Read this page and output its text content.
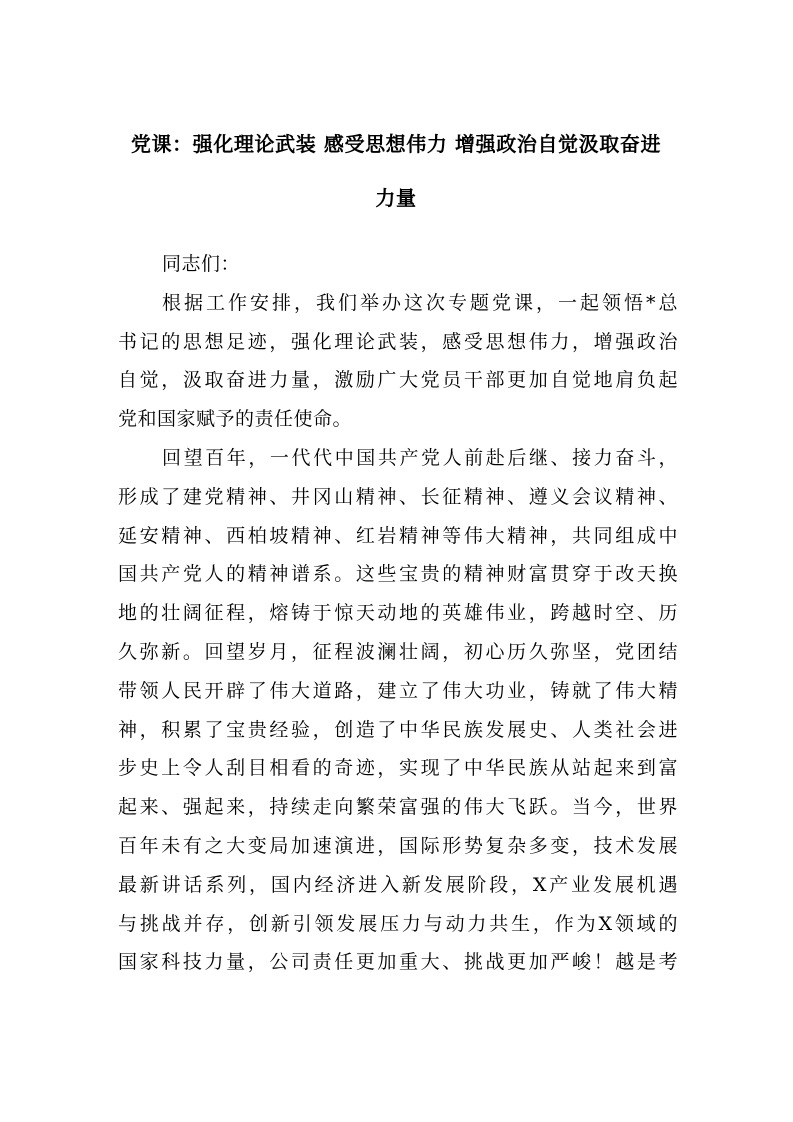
党课：强化理论武装 感受思想伟力 增强政治自觉汲取奋进
力量
同志们：
根据工作安排，我们举办这次专题党课，一起领悟*总
书记的思想足迹，强化理论武装，感受思想伟力，增强政治
自觉，汲取奋进力量，激励广大党员干部更加自觉地肩负起
党和国家赋予的责任使命。
回望百年，一代代中国共产党人前赴后继、接力奋斗，
形成了建党精神、井冈山精神、长征精神、遵义会议精神、
延安精神、西柏坡精神、红岩精神等伟大精神，共同组成中
国共产党人的精神谱系。这些宝贵的精神财富贯穿于改天换
地的壮阔征程，熔铸于惊天动地的英雄伟业，跨越时空、历
久弥新。回望岁月，征程波澜壮阔，初心历久弥坚，党团结
带领人民开辟了伟大道路，建立了伟大功业，铸就了伟大精
神，积累了宝贵经验，创造了中华民族发展史、人类社会进
步史上令人刮目相看的奇迹，实现了中华民族从站起来到富
起来、强起来，持续走向繁荣富强的伟大飞跃。当今，世界
百年未有之大变局加速演进，国际形势复杂多变，技术发展
最新讲话系列，国内经济进入新发展阶段，X产业发展机遇
与挑战并存，创新引领发展压力与动力共生，作为X领域的
国家科技力量，公司责任更加重大、挑战更加严峻！越是考
